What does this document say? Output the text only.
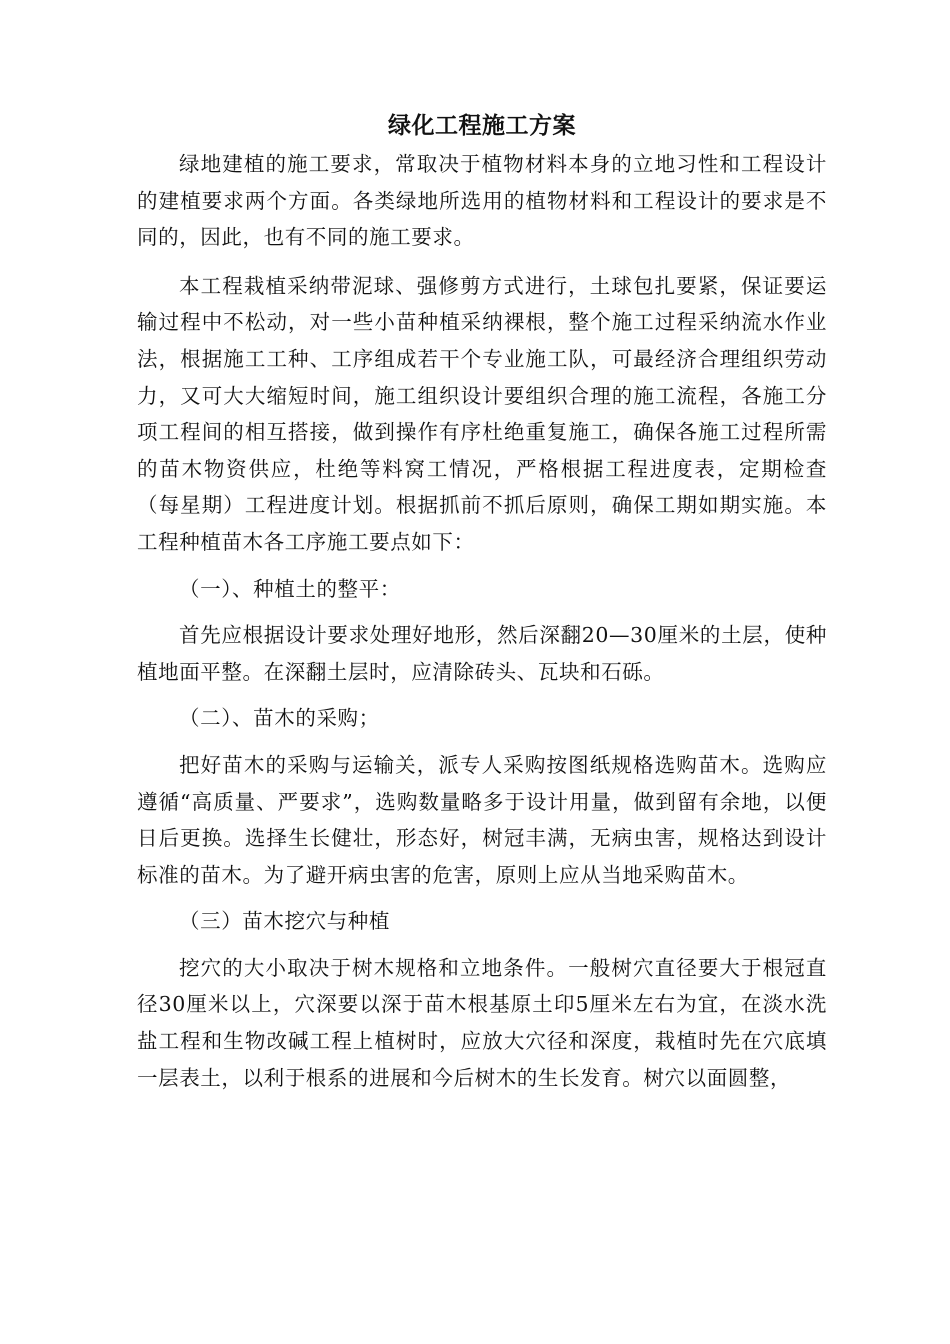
绿化工程施工方案

绿地建植的施工要求，常取决于植物材料本身的立地习性和工程设计的建植要求两个方面。各类绿地所选用的植物材料和工程设计的要求是不同的，因此，也有不同的施工要求。

本工程栽植采纳带泥球、强修剪方式进行，土球包扎要紧，保证要运输过程中不松动，对一些小苗种植采纳裸根，整个施工过程采纳流水作业法，根据施工工种、工序组成若干个专业施工队，可最经济合理组织劳动力，又可大大缩短时间，施工组织设计要组织合理的施工流程，各施工分项工程间的相互搭接，做到操作有序杜绝重复施工，确保各施工过程所需的苗木物资供应，杜绝等料窝工情况，严格根据工程进度表，定期检查（每星期）工程进度计划。根据抓前不抓后原则，确保工期如期实施。本工程种植苗木各工序施工要点如下：

（一）、种植土的整平：

首先应根据设计要求处理好地形，然后深翻20—30厘米的土层，使种植地面平整。在深翻土层时，应清除砖头、瓦块和石砾。

（二）、苗木的采购；

把好苗木的采购与运输关，派专人采购按图纸规格选购苗木。选购应遵循“高质量、严要求”，选购数量略多于设计用量，做到留有余地，以便日后更换。选择生长健壮，形态好，树冠丰满，无病虫害，规格达到设计标准的苗木。为了避开病虫害的危害，原则上应从当地采购苗木。

（三）苗木挖穴与种植

挖穴的大小取决于树木规格和立地条件。一般树穴直径要大于根冠直径30厘米以上，穴深要以深于苗木根基原土印5厘米左右为宜，在淡水洗盐工程和生物改碱工程上植树时，应放大穴径和深度，栽植时先在穴底填一层表土，以利于根系的进展和今后树木的生长发育。树穴以面圆整，
